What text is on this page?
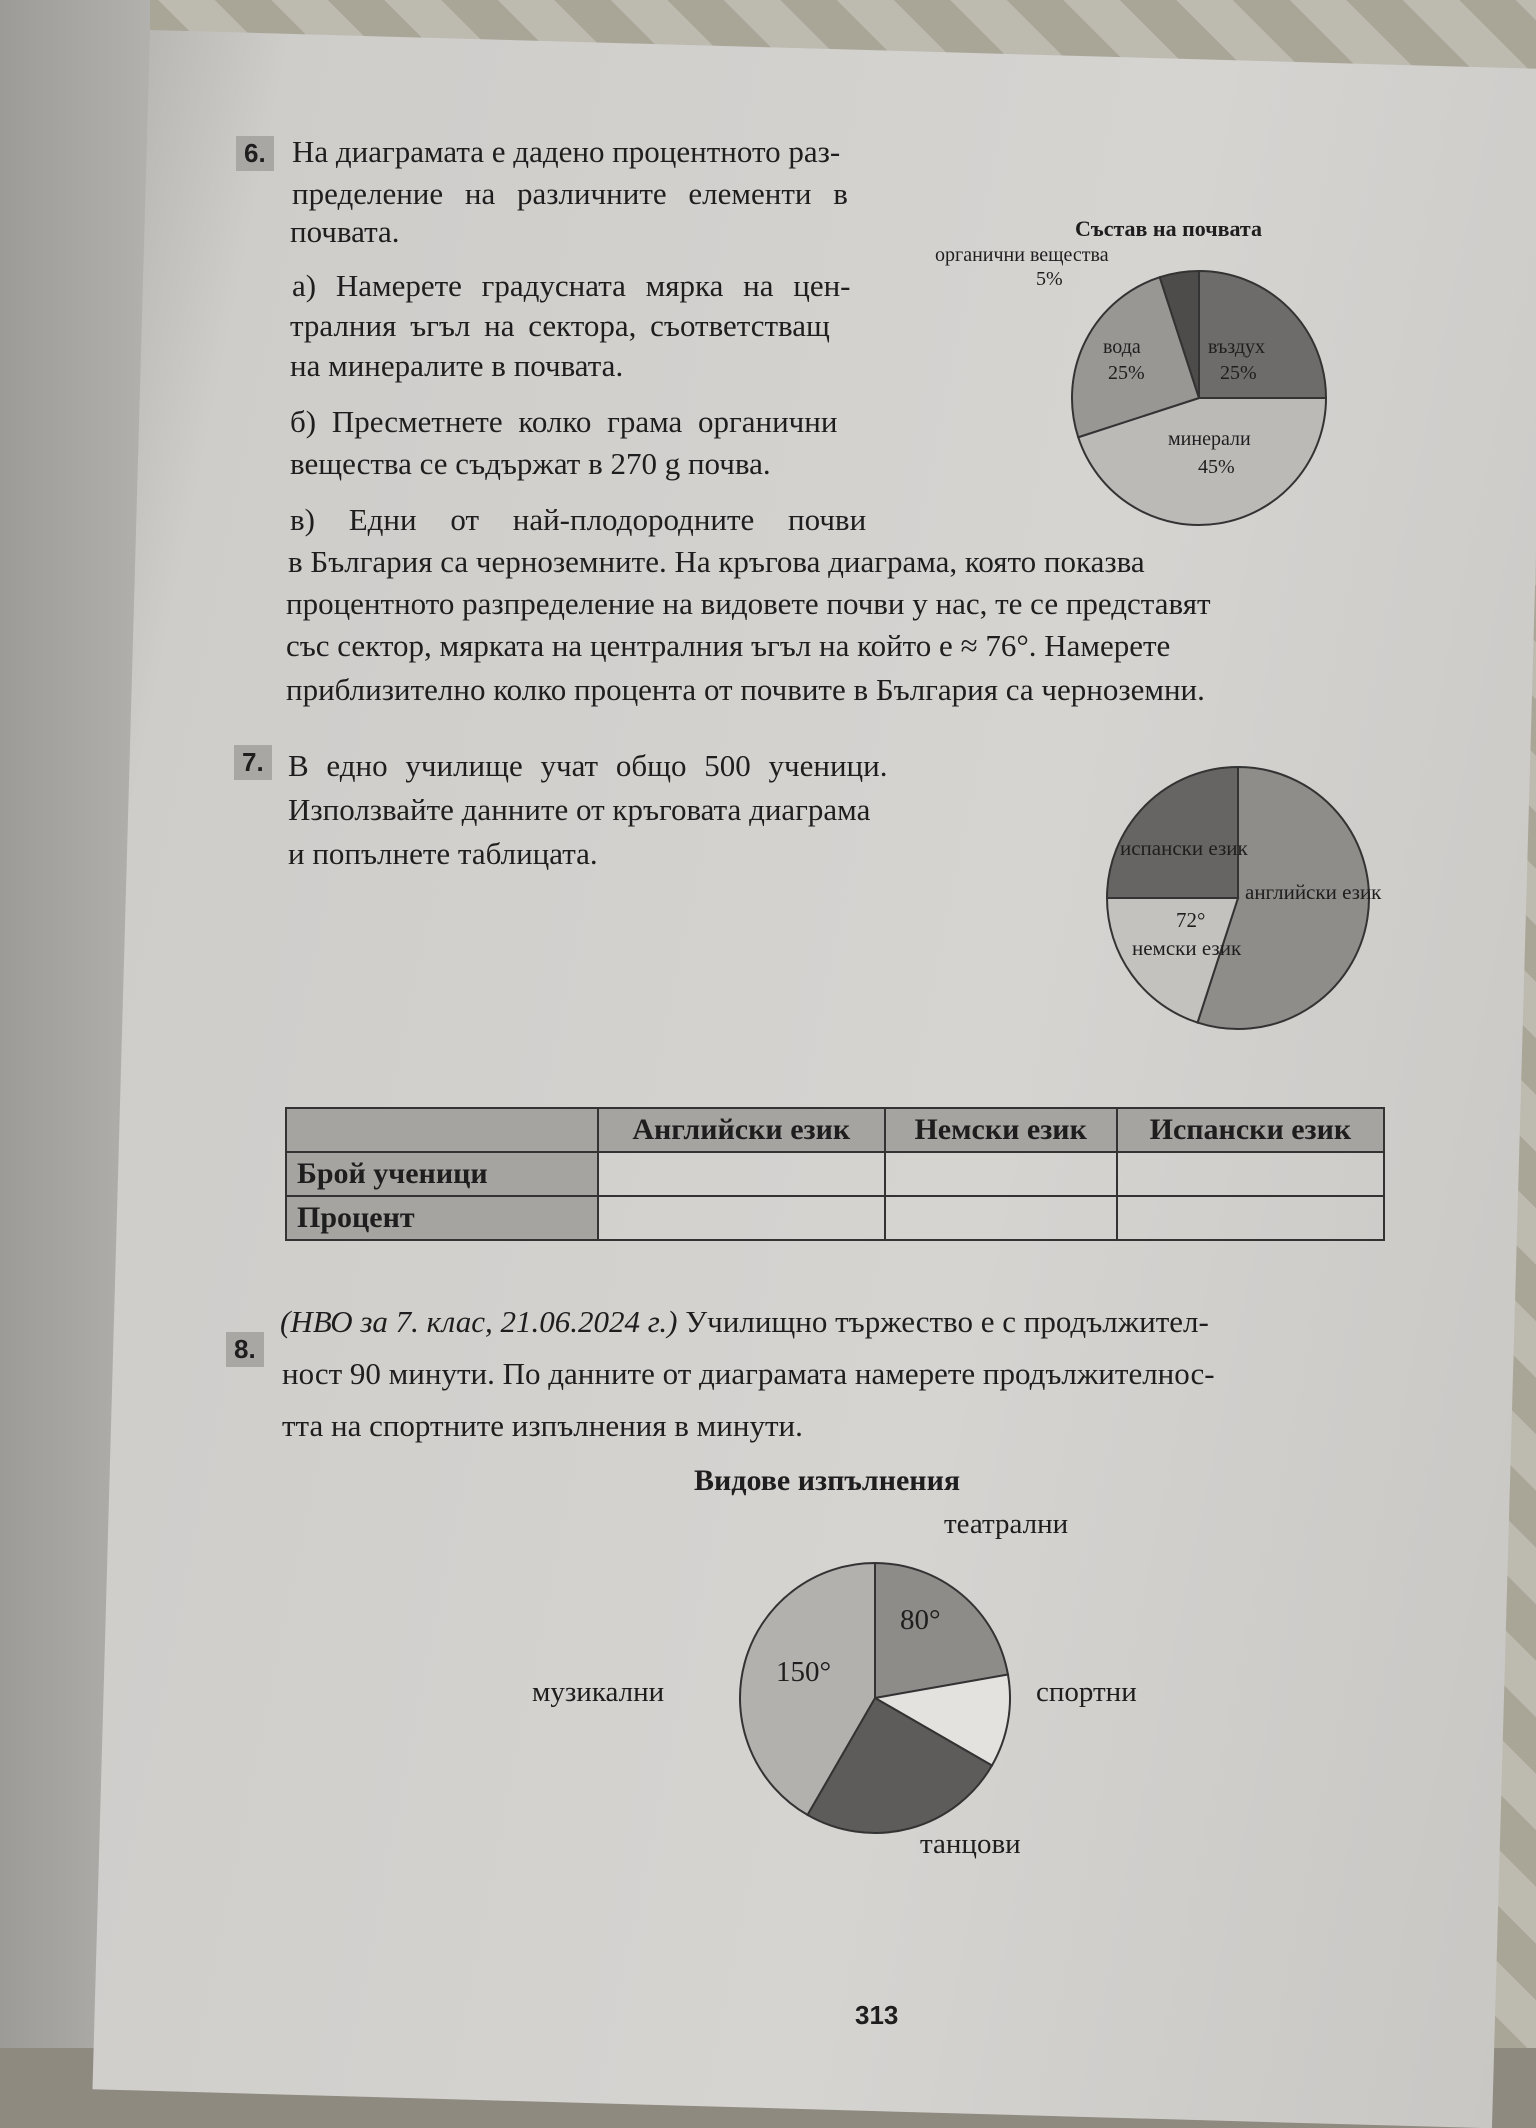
6. На диаграмата е дадено процентното раз-
пределение на различните елементи в
почвата.
а) Намерете градусната мярка на цен-
тралния ъгъл на сектора, съответстващ
на минералите в почвата.
б) Пресметнете колко грама органични
вещества се съдържат в 270 g почва.
в) Едни от най-плодородните почви
в България са черноземните. На кръгова диаграма, която показва
процентното разпределение на видовете почви у нас, те се представят
със сектор, мярката на централния ъгъл на който е ≈ 76°. Намерете
приблизително колко процента от почвите в България са черноземни.
Състав на почвата
органични вещества
5%
вода
25%
въздух
25%
минерали
45%
7. В едно училище учат общо 500 ученици.
Използвайте данните от кръговата диаграма
и попълнете таблицата.	испански език
английски език
72°
немски език
	Английски език	Немски език	Испански език
Брой ученици			
Процент			
8.
(НВО за 7. клас, 21.06.2024 г.) Училищно тържество е с продължител-
ност 90 минути. По данните от диаграмата намерете продължителнос-
тта на спортните изпълнения в минути.
Видове изпълнения
театрални
80°
спортни
музикални
150°
танцови
313
